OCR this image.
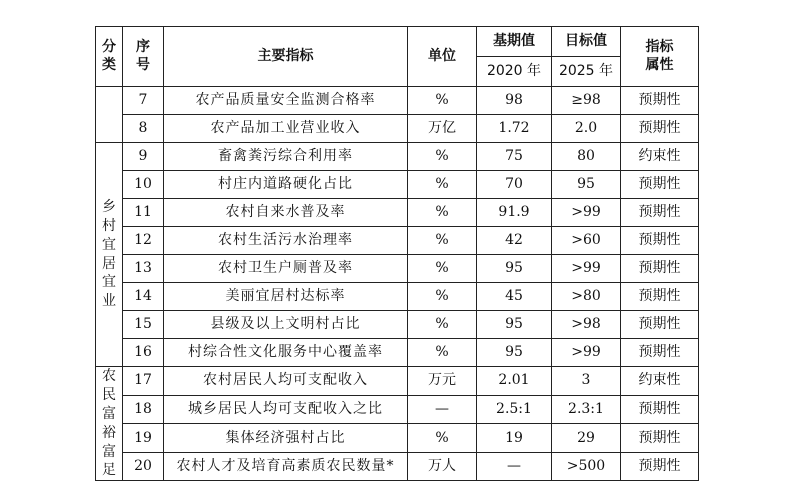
分类	序号	主要指标	单位	基期值	目标值	指标属性
				2020 年	2025 年	
	7	农产品质量安全监测合格率	%	98	≥98	预期性
	8	农产品加工业营业收入	万亿	1.72	2.0	预期性
乡村宜居宜业	9	畜禽粪污综合利用率	%	75	80	约束性
	10	村庄内道路硬化占比	%	70	95	预期性
	11	农村自来水普及率	%	91.9	>99	预期性
	12	农村生活污水治理率	%	42	>60	预期性
	13	农村卫生户厕普及率	%	95	>99	预期性
	14	美丽宜居村达标率	%	45	>80	预期性
	15	县级及以上文明村占比	%	95	>98	预期性
	16	村综合性文化服务中心覆盖率	%	95	>99	预期性
农民富裕富足	17	农村居民人均可支配收入	万元	2.01	3	约束性
	18	城乡居民人均可支配收入之比	—	2.5:1	2.3:1	预期性
	19	集体经济强村占比	%	19	29	预期性
	20	农村人才及培育高素质农民数量*	万人	—	>500	预期性
